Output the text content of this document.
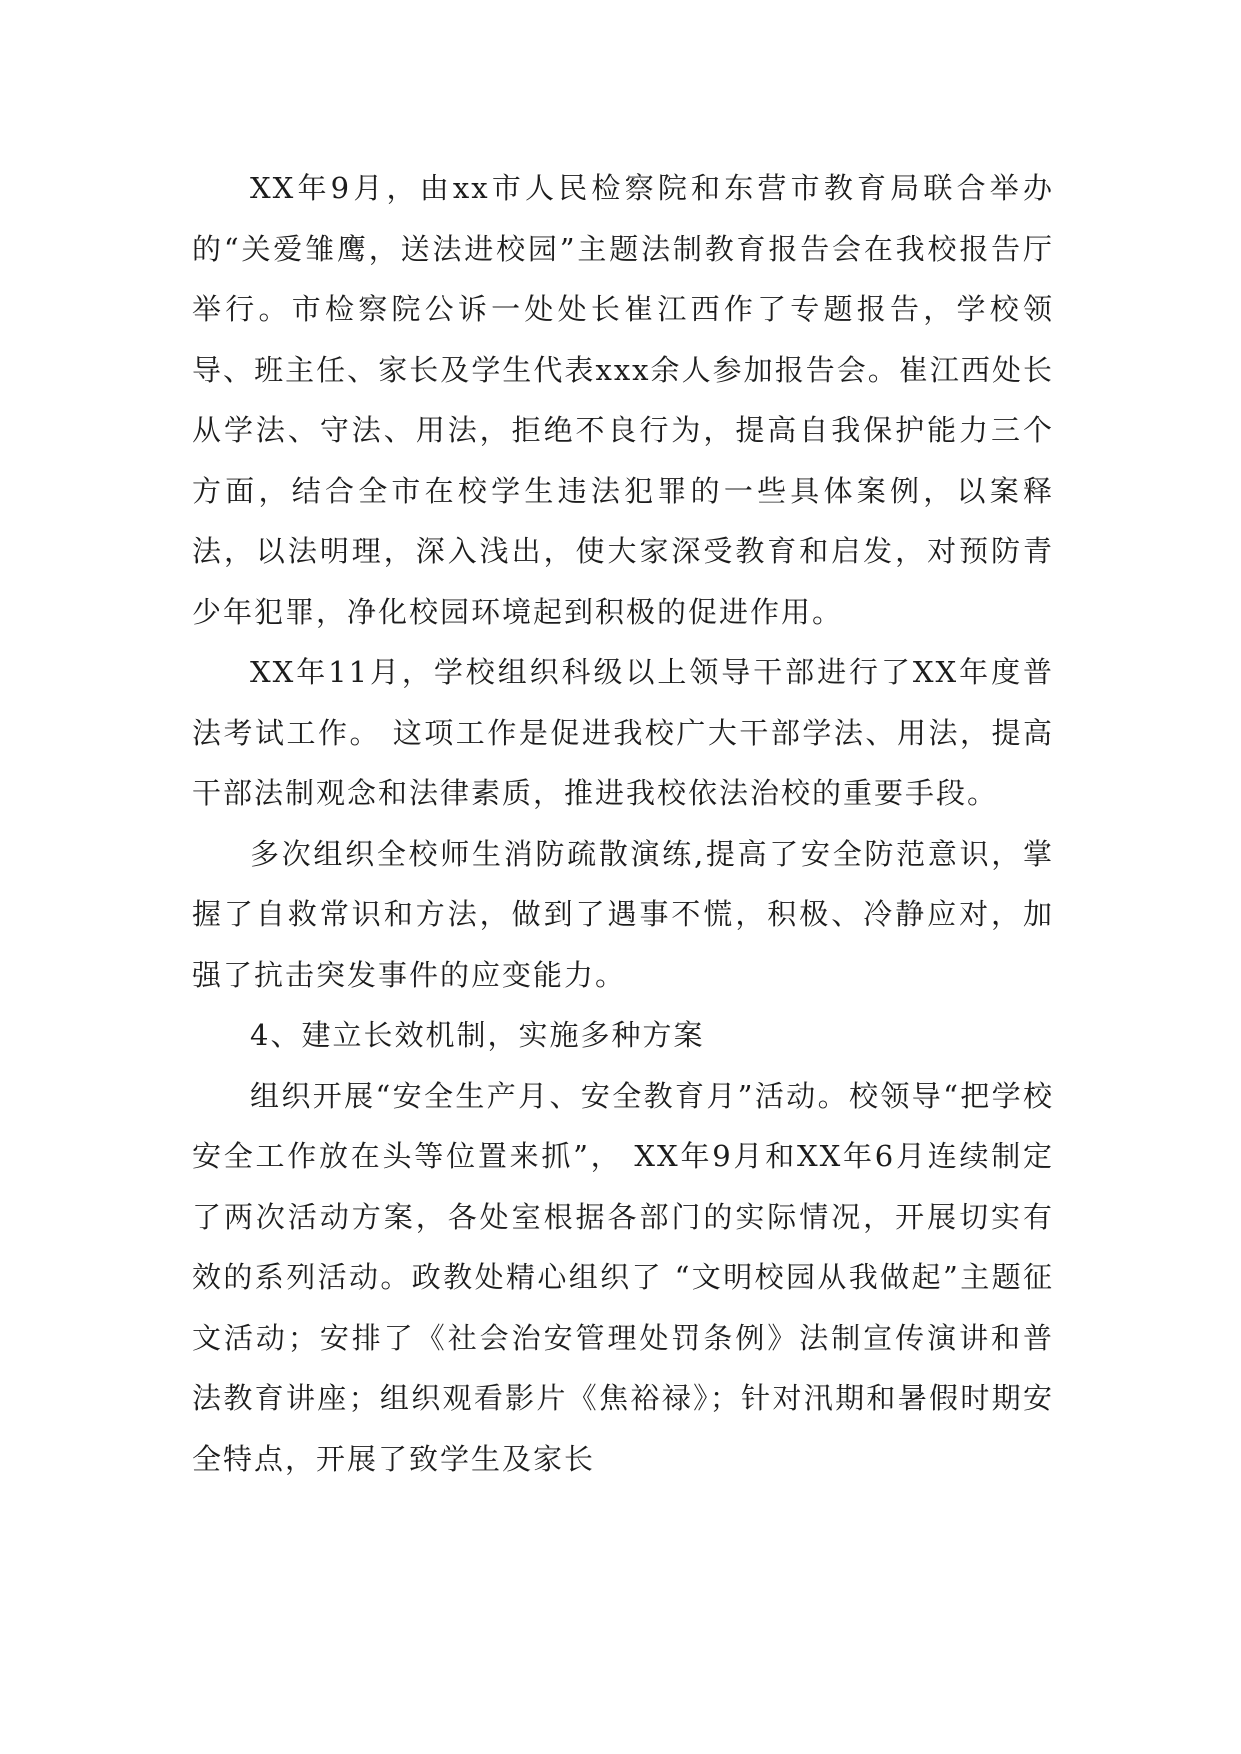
XX年9月，由xx市人民检察院和东营市教育局联合举办的“关爱雏鹰，送法进校园”主题法制教育报告会在我校报告厅举行。市检察院公诉一处处长崔江西作了专题报告，学校领导、班主任、家长及学生代表xxx余人参加报告会。崔江西处长从学法、守法、用法，拒绝不良行为，提高自我保护能力三个方面，结合全市在校学生违法犯罪的一些具体案例，以案释法，以法明理，深入浅出，使大家深受教育和启发，对预防青少年犯罪，净化校园环境起到积极的促进作用。

XX年11月，学校组织科级以上领导干部进行了XX年度普法考试工作。 这项工作是促进我校广大干部学法、用法，提高干部法制观念和法律素质，推进我校依法治校的重要手段。

多次组织全校师生消防疏散演练,提高了安全防范意识，掌握了自救常识和方法，做到了遇事不慌，积极、冷静应对，加强了抗击突发事件的应变能力。

4、建立长效机制，实施多种方案

组织开展“安全生产月、安全教育月”活动。校领导“把学校安全工作放在头等位置来抓”， XX年9月和XX年6月连续制定了两次活动方案，各处室根据各部门的实际情况，开展切实有效的系列活动。政教处精心组织了 “文明校园从我做起”主题征文活动；安排了《社会治安管理处罚条例》法制宣传演讲和普法教育讲座；组织观看影片《焦裕禄》；针对汛期和暑假时期安全特点，开展了致学生及家长
